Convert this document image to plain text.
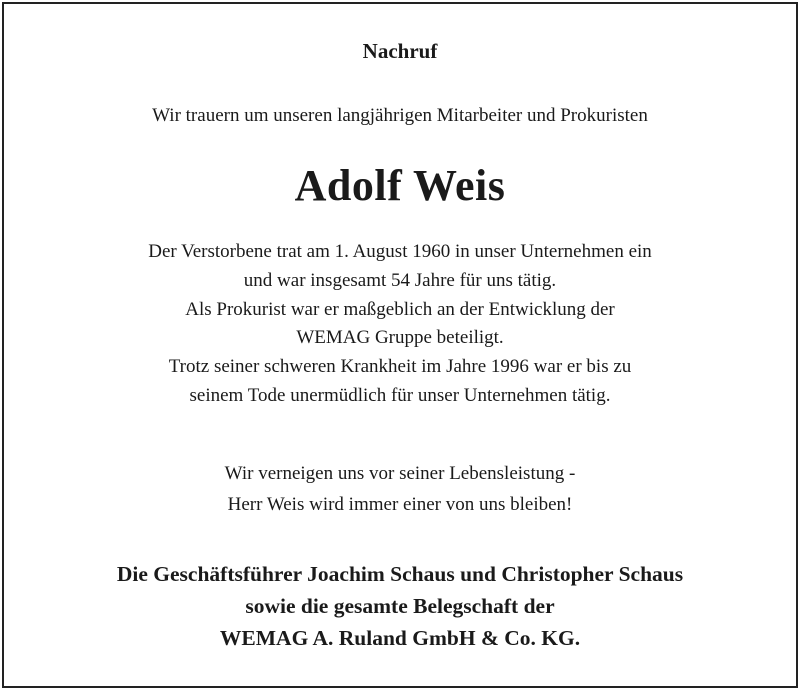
Nachruf
Wir trauern um unseren langjährigen Mitarbeiter und Prokuristen
Adolf Weis
Der Verstorbene trat am 1. August 1960 in unser Unternehmen ein
und war insgesamt 54 Jahre für uns tätig.
Als Prokurist war er maßgeblich an der Entwicklung der
WEMAG Gruppe beteiligt.
Trotz seiner schweren Krankheit im Jahre 1996 war er bis zu
seinem Tode unermüdlich für unser Unternehmen tätig.
Wir verneigen uns vor seiner Lebensleistung -
Herr Weis wird immer einer von uns bleiben!
Die Geschäftsführer Joachim Schaus und Christopher Schaus
sowie die gesamte Belegschaft der
WEMAG A. Ruland GmbH & Co. KG.
